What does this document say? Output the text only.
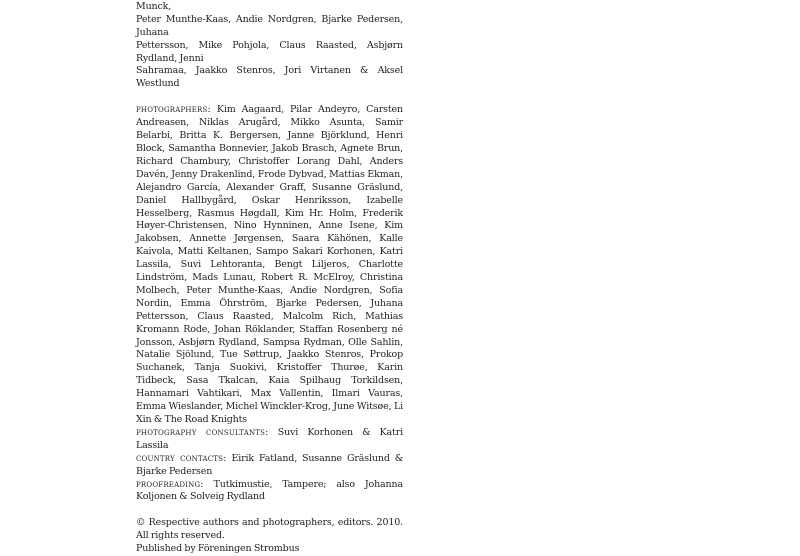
Munck,
Peter Munthe-Kaas, Andie Nordgren, Bjarke Pedersen, Juhana
Pettersson, Mike Pohjola, Claus Raasted, Asbjørn Rydland, Jenni
Sahramaa, Jaakko Stenros, Jori Virtanen & Aksel Westlund

photographers: Kim Aagaard, Pilar Andeyro, Carsten Andreasen, Niklas Arugård, Mikko Asunta, Samir Belarbi, Britta K. Bergersen, Janne Björklund, Henri Block, Samantha Bonnevier, Jakob Brasch, Agnete Brun, Richard Chambury, Christoffer Lorang Dahl, Anders Davén, Jenny Drakenlind, Frode Dybvad, Mattias Ekman, Alejandro García, Alexander Graff, Susanne Gräslund, Daniel Hallbygård, Oskar Henriksson, Izabelle Hesselberg, Rasmus Høgdall, Kim Hr. Holm, Frederik Høyer-Christensen, Nino Hynninen, Anne Isene, Kim Jakobsen, Annette Jørgensen, Saara Kähönen, Kalle Kaivola, Matti Keltanen, Sampo Sakari Korhonen, Katri Lassila, Suvi Lehtoranta, Bengt Liljeros, Charlotte Lindström, Mads Lunau, Robert R. McElroy, Christina Molbech, Peter Munthe-Kaas, Andie Nordgren, Sofia Nordin, Emma Öhrström, Bjarke Pedersen, Juhana Pettersson, Claus Raasted, Malcolm Rich, Mathias Kromann Rode, Johan Röklander, Staffan Rosenberg né Jonsson, Asbjørn Rydland, Sampsa Rydman, Olle Sahlin, Natalie Sjölund, Tue Søttrup, Jaakko Stenros, Prokop Suchanek, Tanja Suokivi, Kristoffer Thurøe, Karin Tidbeck, Sasa Tkalcan, Kaia Spilhaug Torkildsen, Hannamari Vahtikari, Max Vallentin, Ilmari Vauras, Emma Wieslander, Michel Winckler-Krog, June Witsøe, Li Xin & The Road Knights

photography consultants: Suvi Korhonen & Katri Lassila

country contacts: Eirik Fatland, Susanne Gräslund & Bjarke Pedersen

proofreading: Tutkimustie, Tampere; also Johanna Koljonen & Solveig Rydland

© Respective authors and photographers, editors. 2010. All rights reserved.

Published by Föreningen Strombus
